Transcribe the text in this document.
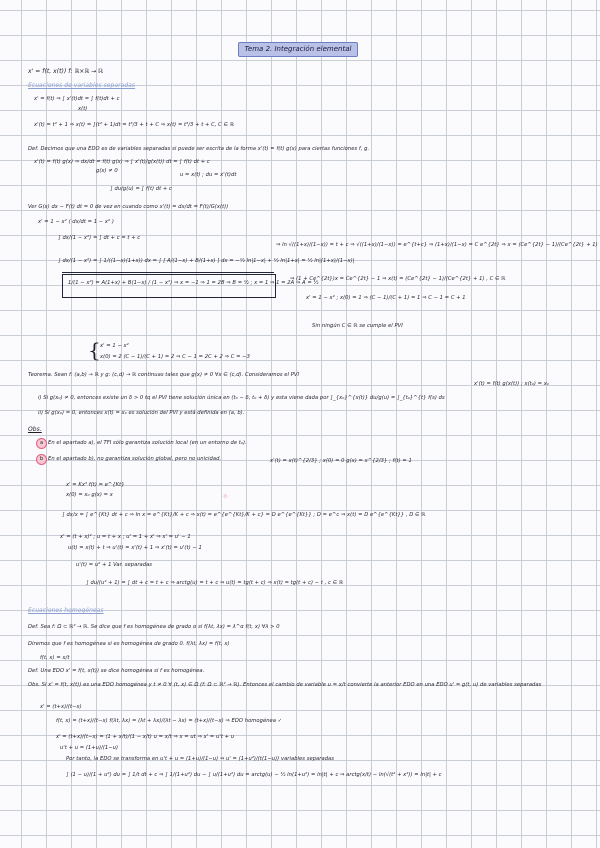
Tema 2. Integración elemental
x' = f(t, x(t)) f: ℝ×ℝ → ℝ
Ecuaciones de variables separadas
x' = f(t) ⇒ ∫ x'(t)dt = ∫ f(t)dt + c
x(t)
x'(t) = t² + 1 ⇒ x(t) = ∫(t² + 1)dt = t³/3 + t + C ⇒ x(t) = t³/3 + t + C, C ∈ ℝ
Def. Decimos que una EDO es de variables separadas si puede ser escrita de la forma x'(t) = f(t) g(x) para ciertas funciones f, g.
x'(t) = f(t) g(x) ⇒ dx/dt = f(t) g(x) ⇒ ∫ x'(t)/g(x(t)) dt = ∫ f(t) dt + c
g(x) ≠ 0
u = x(t) ; du = x'(t)dt
∫ du/g(u) = ∫ f(t) dt + c
Ver G(x) dx − F(t) dt = 0 de vez en cuando como x'(t) = dx/dt = F(t)/G(x(t))
x' = 1 − x² ( dx/dt = 1 − x² )
∫ dx/(1 − x²) = ∫ dt + c = t + c
∫ dx/(1 − x²) = ∫ 1/((1−x)(1+x)) dx = ∫ [ A/(1−x) + B/(1+x) ] dx = −½ ln|1−x| + ½ ln|1+x| = ½ ln|(1+x)/(1−x)|
1/(1 − x²) = A(1+x) + B(1−x) / (1 − x²) ⇒ x = −1 ⇒ 1 = 2B ⇒ B = ½ ; x = 1 ⇒ 1 = 2A ⇒ A = ½
⇒ ln √((1+x)/(1−x)) = t + c ⇒ √((1+x)/(1−x)) = e^{t+c} ⇒ (1+x)/(1−x) = C e^{2t} ⇒ x = (Ce^{2t} − 1)/(Ce^{2t} + 1)
⇒ (1 + Ce^{2t})x = Ce^{2t} − 1 ⇒ x(t) = (Ce^{2t} − 1)/(Ce^{2t} + 1) , C ∈ ℝ
x' = 1 − x² ; x(0) = 1 ⇒ (C − 1)/(C + 1) = 1 ⇒ C − 1 = C + 1
Sin ningún C ∈ ℝ se cumple el PVI
{ x' = 1 − x²
x(0) = 2 (C − 1)/(C + 1) = 2 ⇒ C − 1 = 2C + 2 ⇒ C = −3
Teorema. Sean f: (a,b) → ℝ y g: (c,d) → ℝ continuas tales que g(x) ≠ 0 ∀x ∈ (c,d). Consideramos el PVI
x'(t) = f(t) g(x(t)) ; x(t₀) = x₀
i) Si g(x₀) ≠ 0, entonces existe un δ > 0 tq el PVI tiene solución única en (t₀ − δ, t₀ + δ) y esta viene dada por ∫_{x₀}^{x(t)} du/g(u) = ∫_{t₀}^{t} f(s) ds
ii) Si g(x₀) = 0, entonces x(t) = x₀ es solución del PVI y está definida en (a, b).
Obs.
a En el apartado a), el TFI sólo garantiza solución local (en un entorno de t₀).
b En el apartado b), no garantiza solución global, pero no unicidad.	x'(t) = x(t)^{2/3} ; x(0) = 0 g(x) = x^{2/3} ; f(t) = 1
x' = Kx² f(t) = e^{Kt}
x(0) = x₀ g(x) = x	✧
∫ dx/x = ∫ e^{Kt} dt + c ⇒ ln x = e^{Kt}/K + c ⇒ x(t) = e^{e^{Kt}/K + c} = D e^{e^{Kt}} ; D = e^c ⇒ x(t) = D e^{e^{Kt}} , D ∈ ℝ
x' = (t + x)² ; u = t + x ; u' = 1 + x' ⇒ x' = u' − 1
u(t) = x(t) + t ⇒ u'(t) = x'(t) + 1 ⇒ x'(t) = u'(t) − 1
u'(t) = u² + 1 Var. separadas
∫ du/(u² + 1) = ∫ dt + c = t + c ⇒ arctg(u) = t + c ⇒ u(t) = tg(t + c) ⇒ x(t) = tg(t + c) − t , c ∈ ℝ
Ecuaciones homogéneas
Def. Sea f: Ω ⊂ ℝ² → ℝ. Se dice que f es homogénea de grado α si f(λt, λx) = λ^α f(t, x) ∀λ > 0
Diremos que f es homogénea si es homogénea de grado 0. f(λt, λx) = f(t, x)
f(t, x) = x/t
Def. Una EDO x' = f(t, x(t)) se dice homogénea si f es homogénea.
Obs. Si x' = f(t, x(t)) es una EDO homogénea y t ≠ 0 ∀ (t, x) ∈ Ω (f: Ω ⊂ ℝ² → ℝ). Entonces el cambio de variable u = x/t convierte la anterior EDO en una EDO u' = g(t, u) de variables separadas
x' = (t+x)/(t−x)
f(t, x) = (t+x)/(t−x) f(λt, λx) = (λt + λx)/(λt − λx) = (t+x)/(t−x) ⇒ EDO homogénea ✓
x' = (t+x)/(t−x) = (1 + x/t)/(1 − x/t) u = x/t ⇒ x = ut ⇒ x' = u't + u
u't + u = (1+u)/(1−u)
Por tanto, la EDO se transforma en u't + u = (1+u)/(1−u) ⇒ u' = (1+u²)/(t(1−u)) variables separadas
∫ (1 − u)/(1 + u²) du = ∫ 1/t dt + c ⇒ ∫ 1/(1+u²) du − ∫ u/(1+u²) du = arctg(u) − ½ ln(1+u²) = ln|t| + c ⇒ arctg(x/t) − ln(√(t² + x²)) = ln|t| + c
